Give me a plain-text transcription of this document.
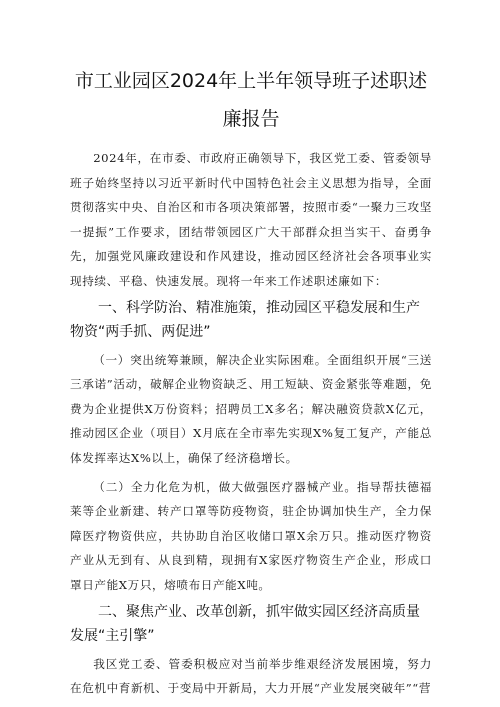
市工业园区2024年上半年领导班子述职述
廉报告

2024年，在市委、市政府正确领导下，我区党工委、管委领导班子始终坚持以习近平新时代中国特色社会主义思想为指导，全面贯彻落实中央、自治区和市各项决策部署，按照市委“一聚力三攻坚一提振”工作要求，团结带领园区广大干部群众担当实干、奋勇争先，加强党风廉政建设和作风建设，推动园区经济社会各项事业实现持续、平稳、快速发展。现将一年来工作述职述廉如下：

一、科学防治、精准施策，推动园区平稳发展和生产物资“两手抓、两促进”

（一）突出统筹兼顾，解决企业实际困难。全面组织开展“三送三承诺”活动，破解企业物资缺乏、用工短缺、资金紧张等难题，免费为企业提供X万份资料；招聘员工X多名；解决融资贷款X亿元，推动园区企业（项目）X月底在全市率先实现X%复工复产，产能总体发挥率达X%以上，确保了经济稳增长。

（二）全力化危为机，做大做强医疗器械产业。指导帮扶德福莱等企业新建、转产口罩等防疫物资，驻企协调加快生产，全力保障医疗物资供应，共协助自治区收储口罩X余万只。推动医疗物资产业从无到有、从良到精，现拥有X家医疗物资生产企业，形成口罩日产能X万只，熔喷布日产能X吨。

二、聚焦产业、改革创新，抓牢做实园区经济高质量发展“主引擎”

我区党工委、管委积极应对当前举步维艰经济发展困境，努力在危机中育新机、于变局中开新局，大力开展“产业发展突破年”“营
